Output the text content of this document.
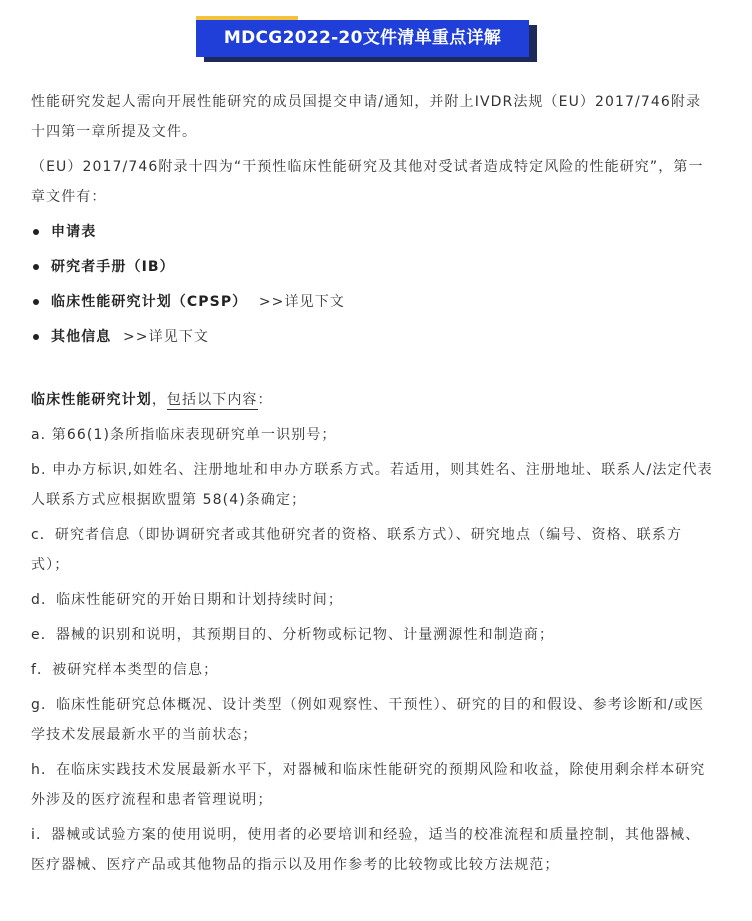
MDCG2022-20文件清单重点详解

性能研究发起人需向开展性能研究的成员国提交申请/通知，并附上IVDR法规（EU）2017/746附录十四第一章所提及文件。

（EU）2017/746附录十四为“干预性临床性能研究及其他对受试者造成特定风险的性能研究”，第一章文件有：

申请表
研究者手册（IB）
临床性能研究计划（CPSP） >>详见下文
其他信息 >>详见下文

临床性能研究计划，包括以下内容：

a. 第66(1)条所指临床表现研究单一识别号；

b. 申办方标识,如姓名、注册地址和申办方联系方式。若适用，则其姓名、注册地址、联系人/法定代表人联系方式应根据欧盟第 58(4)条确定；

c．研究者信息（即协调研究者或其他研究者的资格、联系方式）、研究地点（编号、资格、联系方式）；

d．临床性能研究的开始日期和计划持续时间；

e．器械的识别和说明，其预期目的、分析物或标记物、计量溯源性和制造商；

f．被研究样本类型的信息；

g．临床性能研究总体概况、设计类型（例如观察性、干预性）、研究的目的和假设、参考诊断和/或医学技术发展最新水平的当前状态；

h．在临床实践技术发展最新水平下，对器械和临床性能研究的预期风险和收益，除使用剩余样本研究外涉及的医疗流程和患者管理说明；

i．器械或试验方案的使用说明，使用者的必要培训和经验，适当的校准流程和质量控制，其他器械、医疗器械、医疗产品或其他物品的指示以及用作参考的比较物或比较方法规范；
